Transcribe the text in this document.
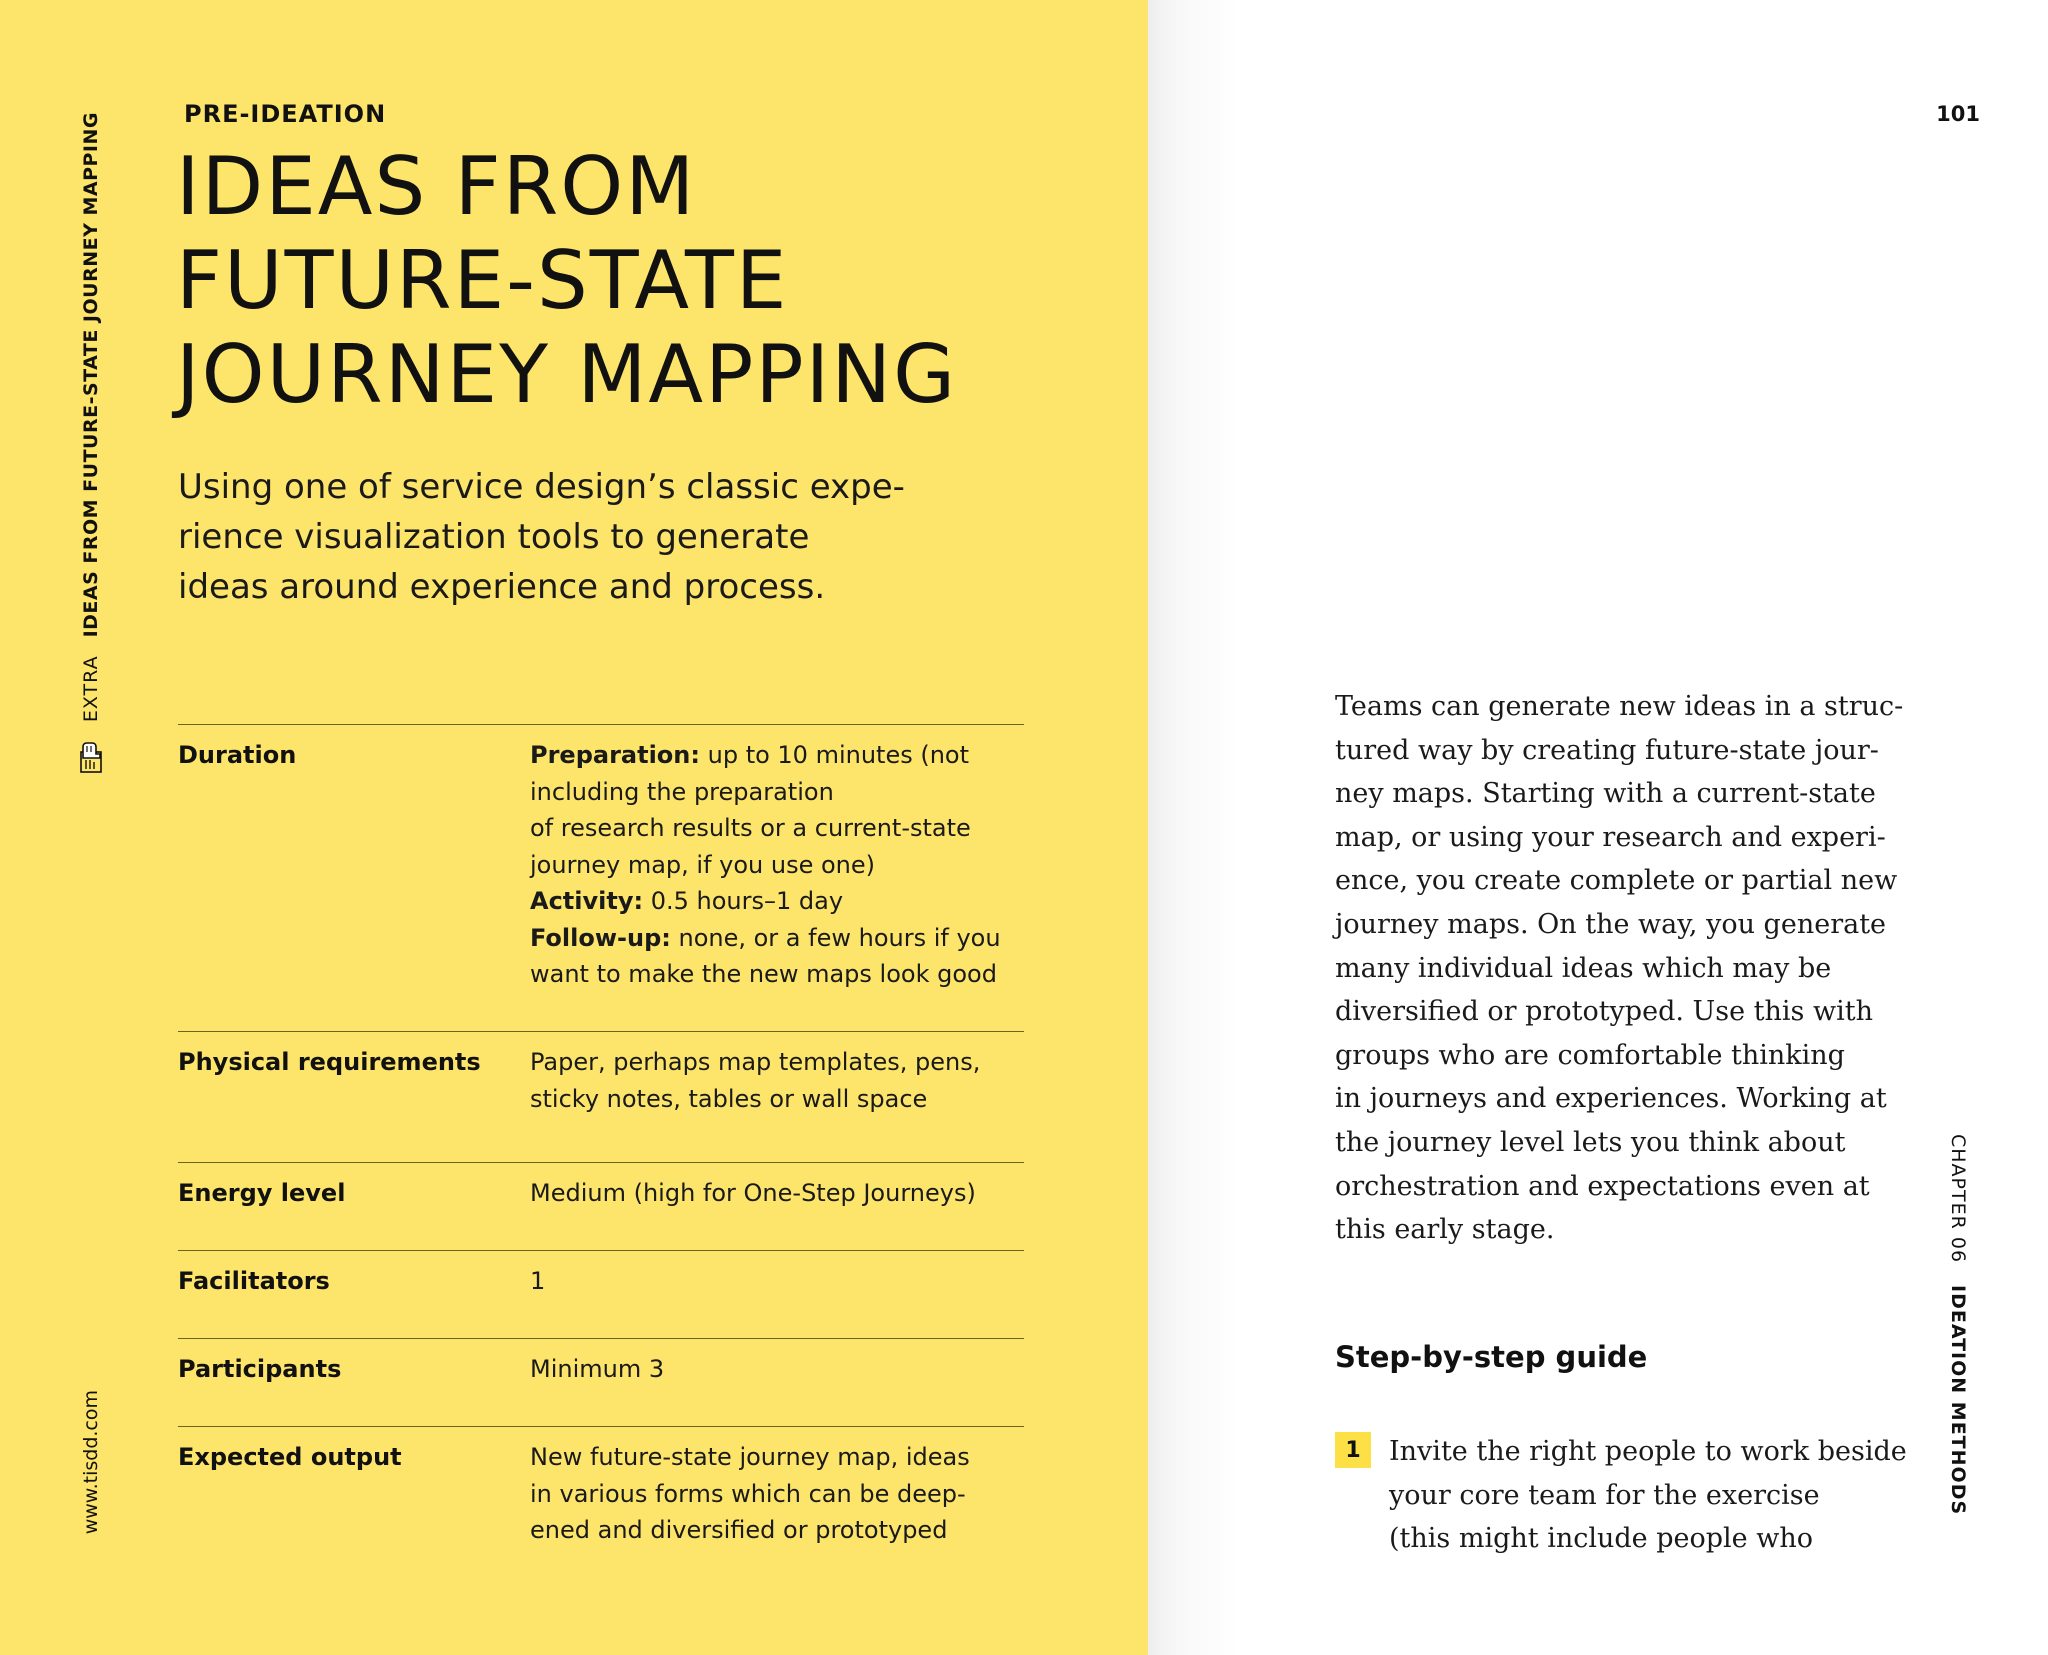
IDEAS FROM FUTURE-STATE JOURNEY MAPPING
EXTRA
www.tisdd.com
PRE-IDEATION
IDEAS FROM
FUTURE-STATE
JOURNEY MAPPING
Using one of service design’s classic expe-
rience visualization tools to generate
ideas around experience and process.
Duration	Preparation: up to 10 minutes (not
including the preparation
of research results or a current-state
journey map, if you use one)
Activity: 0.5 hours–1 day
Follow-up: none, or a few hours if you
want to make the new maps look good
Physical requirements	Paper, perhaps map templates, pens,
sticky notes, tables or wall space
Energy level	Medium (high for One-Step Journeys)
Facilitators	1
Participants	Minimum 3
Expected output	New future-state journey map, ideas
in various forms which can be deep-
ened and diversified or prototyped
101
Teams can generate new ideas in a struc-
tured way by creating future-state jour-
ney maps. Starting with a current-state
map, or using your research and experi-
ence, you create complete or partial new
journey maps. On the way, you generate
many individual ideas which may be
diversified or prototyped. Use this with
groups who are comfortable thinking
in journeys and experiences. Working at
the journey level lets you think about
orchestration and expectations even at
this early stage.
Step-by-step guide
1	Invite the right people to work beside
your core team for the exercise
(this might include people who
CHAPTER 06
IDEATION METHODS
